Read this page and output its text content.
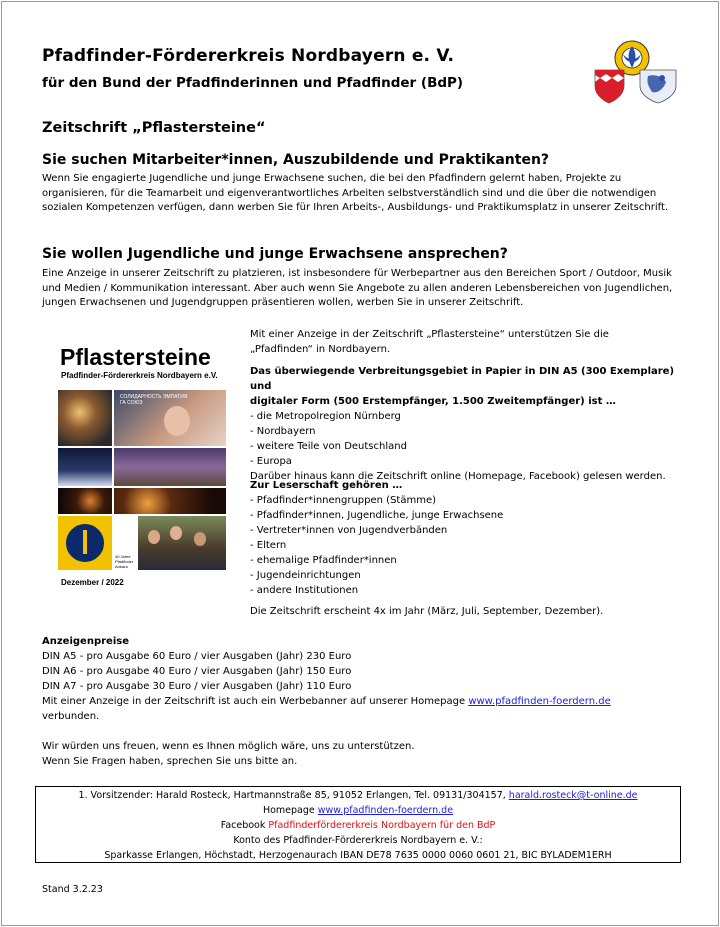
Pfadfinder-Fördererkreis Nordbayern e. V.
für den Bund der Pfadfinderinnen und Pfadfinder (BdP)
Zeitschrift „Pflastersteine“
Sie suchen Mitarbeiter*innen, Auszubildende und Praktikanten?
Wenn Sie engagierte Jugendliche und junge Erwachsene suchen, die bei den Pfadfindern gelernt haben, Projekte zu organisieren, für die Teamarbeit und eigenverantwortliches Arbeiten selbstverständlich sind und die über die notwendigen sozialen Kompetenzen verfügen, dann werben Sie für Ihren Arbeits-, Ausbildungs- und Praktikumsplatz in unserer Zeitschrift.
Sie wollen Jugendliche und junge Erwachsene ansprechen?
Eine Anzeige in unserer Zeitschrift zu platzieren, ist insbesondere für Werbepartner aus den Bereichen Sport / Outdoor, Musik und Medien / Kommunikation interessant. Aber auch wenn Sie Angebote zu allen anderen Lebensbereichen von Jugendlichen, jungen Erwachsenen und Jugendgruppen präsentieren wollen, werben Sie in unserer Zeitschrift.
Pflastersteine
Pfadfinder-Fördererkreis Nordbayern e.V.
СОЛИДАРНОСТЬ ЭМПАТИЯ ГА СОЮЗ
40 Jahre Pfadfinder Ankara
Dezember / 2022
Mit einer Anzeige in der Zeitschrift „Pflastersteine“ unterstützen Sie die
„Pfadfinden“ in Nordbayern.
Das überwiegende Verbreitungsgebiet in Papier in DIN A5 (300 Exemplare) und
digitaler Form (500 Erstempfänger, 1.500 Zweitempfänger) ist …
- die Metropolregion Nürnberg
- Nordbayern
- weitere Teile von Deutschland
- Europa
Darüber hinaus kann die Zeitschrift online (Homepage, Facebook) gelesen werden.
Zur Leserschaft gehören …
- Pfadfinder*innengruppen (Stämme)
- Pfadfinder*innen, Jugendliche, junge Erwachsene
- Vertreter*innen von Jugendverbänden
- Eltern
- ehemalige Pfadfinder*innen
- Jugendeinrichtungen
- andere Institutionen
Die Zeitschrift erscheint 4x im Jahr (März, Juli, September, Dezember).
Anzeigenpreise
DIN A5 - pro Ausgabe 60 Euro / vier Ausgaben (Jahr) 230 Euro
DIN A6 - pro Ausgabe 40 Euro / vier Ausgaben (Jahr) 150 Euro
DIN A7 - pro Ausgabe 30 Euro / vier Ausgaben (Jahr) 110 Euro
Mit einer Anzeige in der Zeitschrift ist auch ein Werbebanner auf unserer Homepage www.pfadfinden-foerdern.de
verbunden.
Wir würden uns freuen, wenn es Ihnen möglich wäre, uns zu unterstützen.
Wenn Sie Fragen haben, sprechen Sie uns bitte an.
1. Vorsitzender: Harald Rosteck, Hartmannstraße 85, 91052 Erlangen, Tel. 09131/304157, harald.rosteck@t-online.de
Homepage www.pfadfinden-foerdern.de
Facebook Pfadfinderfördererkreis Nordbayern für den BdP
Konto des Pfadfinder-Fördererkreis Nordbayern e. V.:
Sparkasse Erlangen, Höchstadt, Herzogenaurach IBAN DE78 7635 0000 0060 0601 21, BIC BYLADEM1ERH
Stand 3.2.23
